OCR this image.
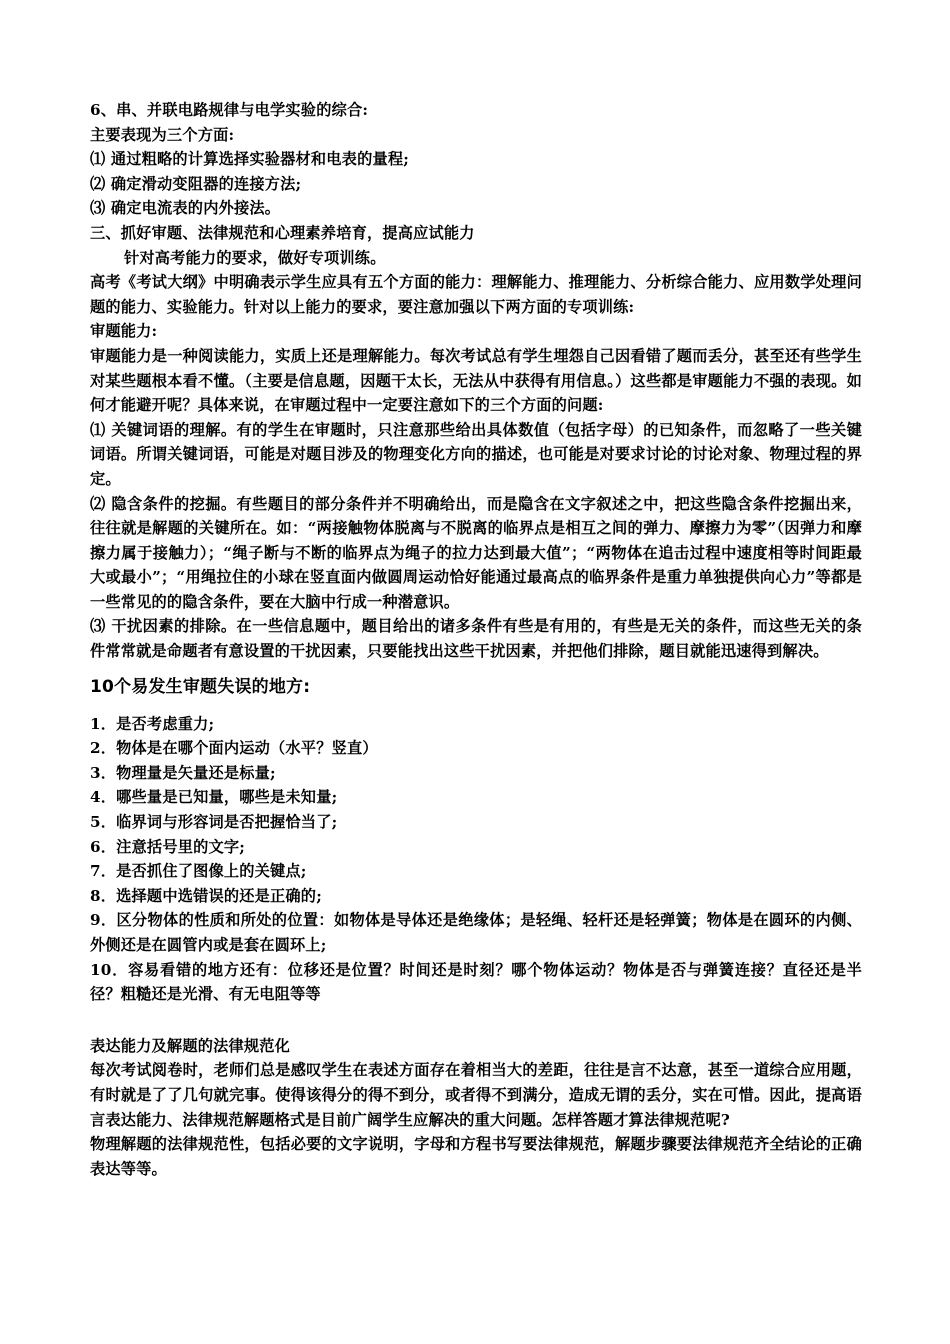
6、串、并联电路规律与电学实验的综合:

主要表现为三个方面:

⑴ 通过粗略的计算选择实验器材和电表的量程;

⑵ 确定滑动变阻器的连接方法;

⑶ 确定电流表的内外接法。

三、抓好审题、法律规范和心理素养培育，提高应试能力

针对高考能力的要求，做好专项训练。

高考《考试大纲》中明确表示学生应具有五个方面的能力：理解能力、推理能力、分析综合能力、应用数学处理问题的能力、实验能力。针对以上能力的要求，要注意加强以下两方面的专项训练:

审题能力:

审题能力是一种阅读能力，实质上还是理解能力。每次考试总有学生埋怨自己因看错了题而丢分，甚至还有些学生对某些题根本看不懂。（主要是信息题，因题干太长，无法从中获得有用信息。）这些都是审题能力不强的表现。如何才能避开呢？具体来说，在审题过程中一定要注意如下的三个方面的问题:

⑴ 关键词语的理解。有的学生在审题时，只注意那些给出具体数值（包括字母）的已知条件，而忽略了一些关键词语。所谓关键词语，可能是对题目涉及的物理变化方向的描述，也可能是对要求讨论的讨论对象、物理过程的界定。

⑵ 隐含条件的挖掘。有些题目的部分条件并不明确给出，而是隐含在文字叙述之中，把这些隐含条件挖掘出来，往往就是解题的关键所在。如：“两接触物体脱离与不脱离的临界点是相互之间的弹力、摩擦力为零”（因弹力和摩擦力属于接触力）；“绳子断与不断的临界点为绳子的拉力达到最大值”；“两物体在追击过程中速度相等时间距最大或最小”；“用绳拉住的小球在竖直面内做圆周运动恰好能通过最高点的临界条件是重力单独提供向心力”等都是一些常见的的隐含条件，要在大脑中行成一种潜意识。

⑶ 干扰因素的排除。在一些信息题中，题目给出的诸多条件有些是有用的，有些是无关的条件，而这些无关的条件常常就是命题者有意设置的干扰因素，只要能找出这些干扰因素，并把他们排除，题目就能迅速得到解决。

10个易发生审题失误的地方:

1．是否考虑重力;

2．物体是在哪个面内运动（水平？竖直）

3．物理量是矢量还是标量;

4．哪些量是已知量，哪些是未知量;

5．临界词与形容词是否把握恰当了;

6．注意括号里的文字;

7．是否抓住了图像上的关键点;

8．选择题中选错误的还是正确的;

9．区分物体的性质和所处的位置：如物体是导体还是绝缘体；是轻绳、轻杆还是轻弹簧；物体是在圆环的内侧、外侧还是在圆管内或是套在圆环上;

10．容易看错的地方还有：位移还是位置？时间还是时刻？哪个物体运动？物体是否与弹簧连接？直径还是半径？粗糙还是光滑、有无电阻等等

表达能力及解题的法律规范化

每次考试阅卷时，老师们总是感叹学生在表述方面存在着相当大的差距，往往是言不达意，甚至一道综合应用题，有时就是了了几句就完事。使得该得分的得不到分，或者得不到满分，造成无谓的丢分，实在可惜。因此，提高语言表达能力、法律规范解题格式是目前广阔学生应解决的重大问题。怎样答题才算法律规范呢?

物理解题的法律规范性，包括必要的文字说明，字母和方程书写要法律规范，解题步骤要法律规范齐全结论的正确表达等等。
